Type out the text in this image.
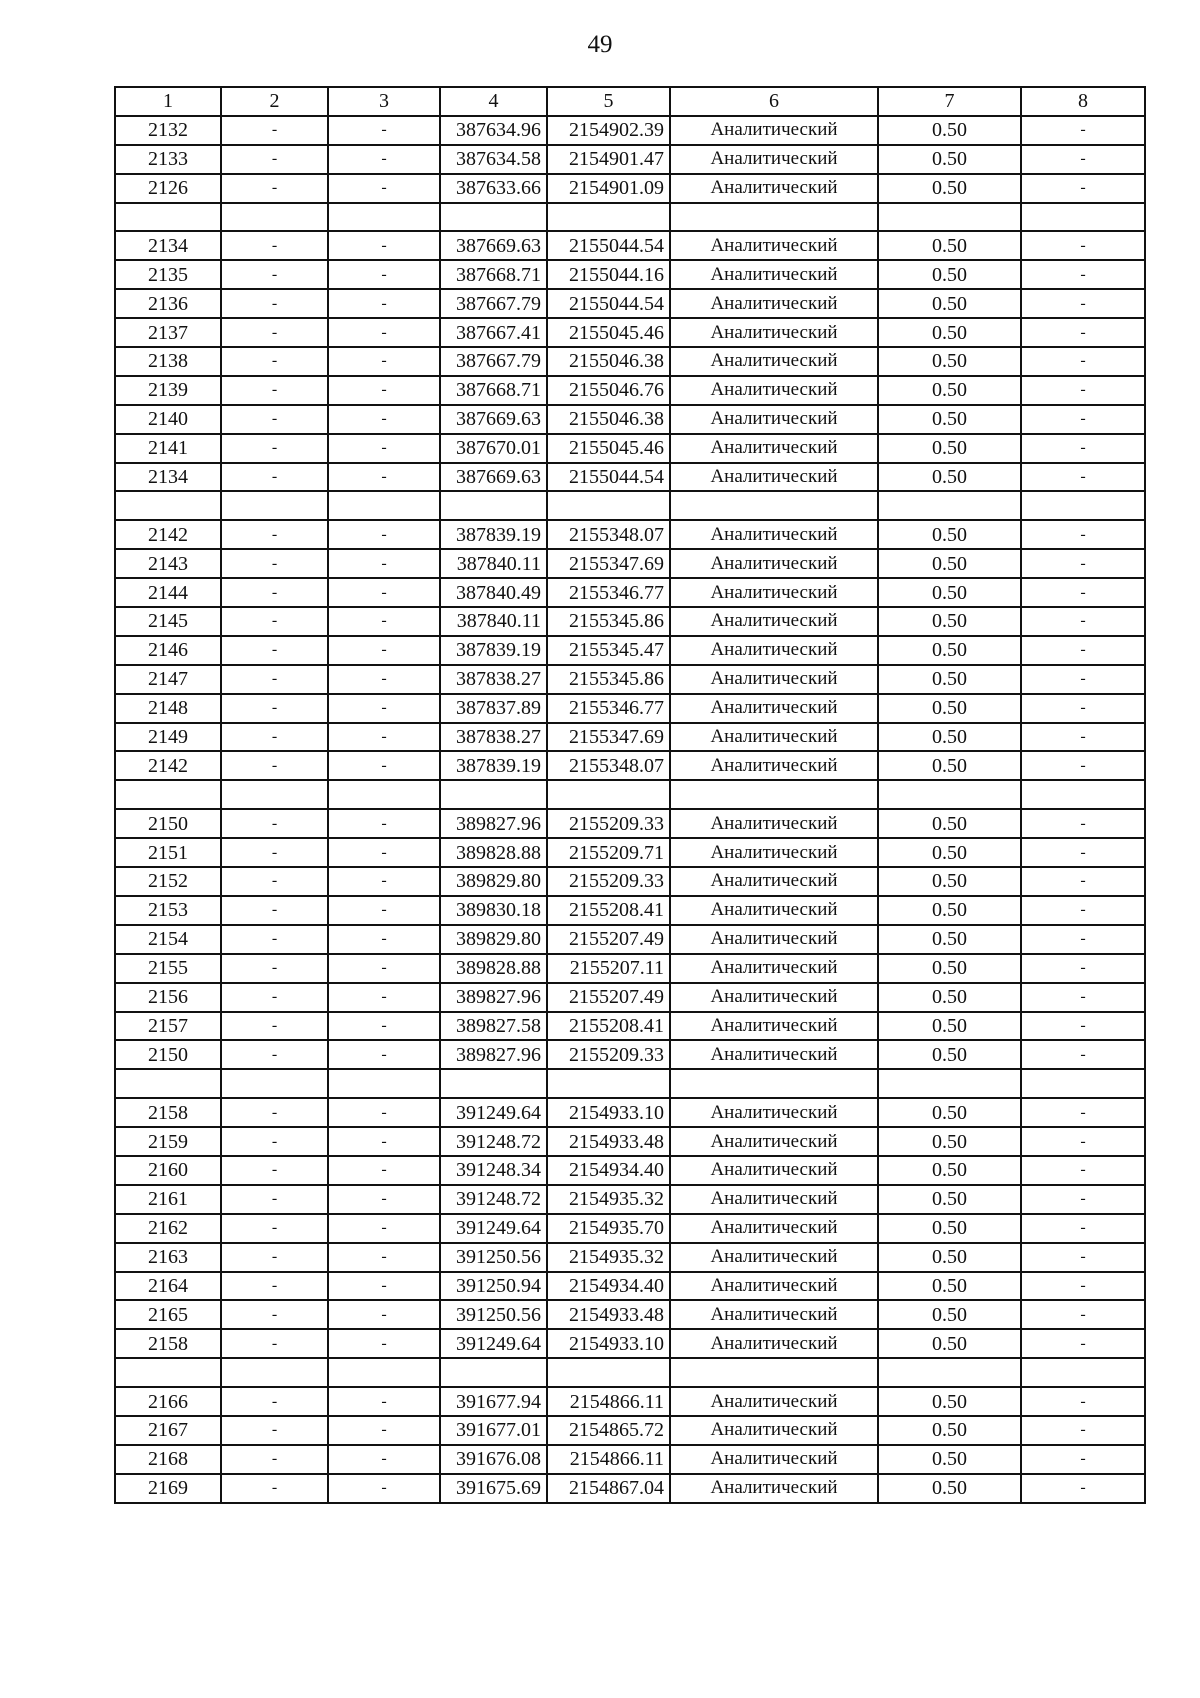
49
1	2	3	4	5	6	7	8
2132	-	-	387634.96	2154902.39	Аналитический	0.50	-
2133	-	-	387634.58	2154901.47	Аналитический	0.50	-
2126	-	-	387633.66	2154901.09	Аналитический	0.50	-

2134	-	-	387669.63	2155044.54	Аналитический	0.50	-
2135	-	-	387668.71	2155044.16	Аналитический	0.50	-
2136	-	-	387667.79	2155044.54	Аналитический	0.50	-
2137	-	-	387667.41	2155045.46	Аналитический	0.50	-
2138	-	-	387667.79	2155046.38	Аналитический	0.50	-
2139	-	-	387668.71	2155046.76	Аналитический	0.50	-
2140	-	-	387669.63	2155046.38	Аналитический	0.50	-
2141	-	-	387670.01	2155045.46	Аналитический	0.50	-
2134	-	-	387669.63	2155044.54	Аналитический	0.50	-

2142	-	-	387839.19	2155348.07	Аналитический	0.50	-
2143	-	-	387840.11	2155347.69	Аналитический	0.50	-
2144	-	-	387840.49	2155346.77	Аналитический	0.50	-
2145	-	-	387840.11	2155345.86	Аналитический	0.50	-
2146	-	-	387839.19	2155345.47	Аналитический	0.50	-
2147	-	-	387838.27	2155345.86	Аналитический	0.50	-
2148	-	-	387837.89	2155346.77	Аналитический	0.50	-
2149	-	-	387838.27	2155347.69	Аналитический	0.50	-
2142	-	-	387839.19	2155348.07	Аналитический	0.50	-

2150	-	-	389827.96	2155209.33	Аналитический	0.50	-
2151	-	-	389828.88	2155209.71	Аналитический	0.50	-
2152	-	-	389829.80	2155209.33	Аналитический	0.50	-
2153	-	-	389830.18	2155208.41	Аналитический	0.50	-
2154	-	-	389829.80	2155207.49	Аналитический	0.50	-
2155	-	-	389828.88	2155207.11	Аналитический	0.50	-
2156	-	-	389827.96	2155207.49	Аналитический	0.50	-
2157	-	-	389827.58	2155208.41	Аналитический	0.50	-
2150	-	-	389827.96	2155209.33	Аналитический	0.50	-

2158	-	-	391249.64	2154933.10	Аналитический	0.50	-
2159	-	-	391248.72	2154933.48	Аналитический	0.50	-
2160	-	-	391248.34	2154934.40	Аналитический	0.50	-
2161	-	-	391248.72	2154935.32	Аналитический	0.50	-
2162	-	-	391249.64	2154935.70	Аналитический	0.50	-
2163	-	-	391250.56	2154935.32	Аналитический	0.50	-
2164	-	-	391250.94	2154934.40	Аналитический	0.50	-
2165	-	-	391250.56	2154933.48	Аналитический	0.50	-
2158	-	-	391249.64	2154933.10	Аналитический	0.50	-

2166	-	-	391677.94	2154866.11	Аналитический	0.50	-
2167	-	-	391677.01	2154865.72	Аналитический	0.50	-
2168	-	-	391676.08	2154866.11	Аналитический	0.50	-
2169	-	-	391675.69	2154867.04	Аналитический	0.50	-
